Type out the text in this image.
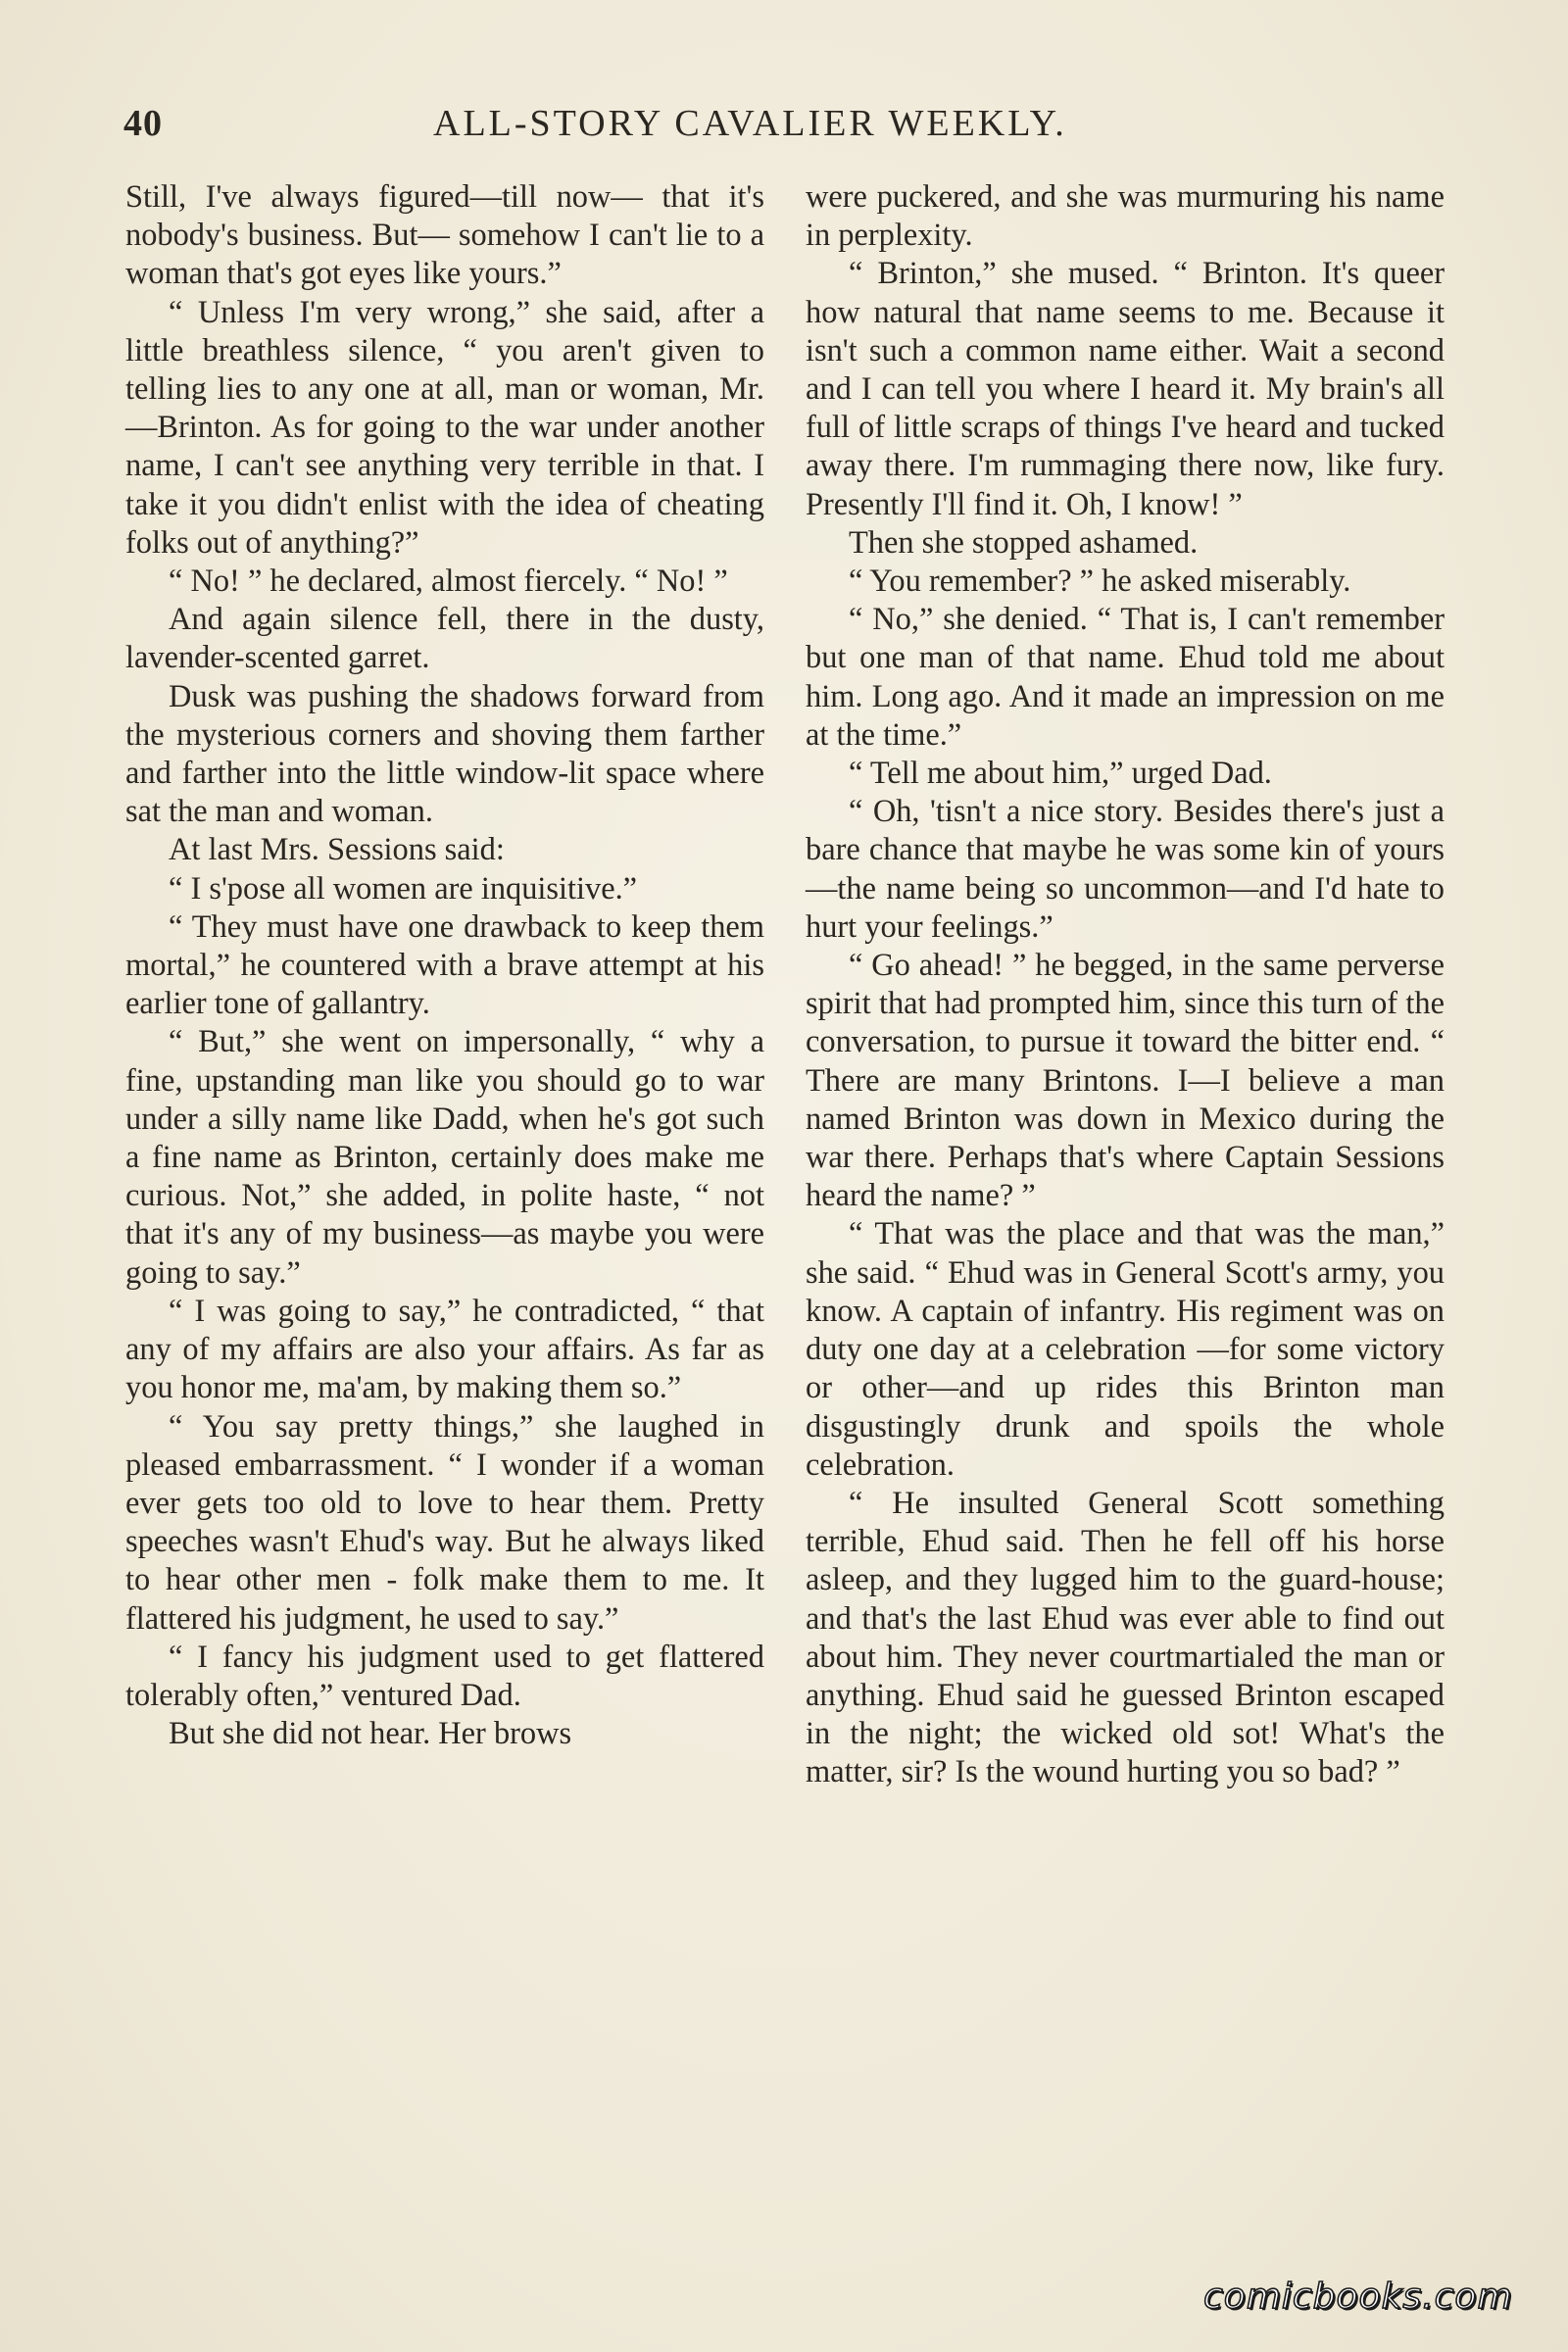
40	ALL-STORY CAVALIER WEEKLY.

Still, I've always figured—till now— that it's nobody's business. But— somehow I can't lie to a woman that's got eyes like yours.”

“ Unless I'm very wrong,” she said, after a little breathless silence, “ you aren't given to telling lies to any one at all, man or woman, Mr.—Brinton. As for going to the war under another name, I can't see anything very terrible in that. I take it you didn't enlist with the idea of cheating folks out of anything?”

“ No! ” he declared, almost fiercely. “ No! ”

And again silence fell, there in the dusty, lavender-scented garret.

Dusk was pushing the shadows forward from the mysterious corners and shoving them farther and farther into the little window-lit space where sat the man and woman.

At last Mrs. Sessions said:

“ I s'pose all women are inquisitive.”

“ They must have one drawback to keep them mortal,” he countered with a brave attempt at his earlier tone of gallantry.

“ But,” she went on impersonally, “ why a fine, upstanding man like you should go to war under a silly name like Dadd, when he's got such a fine name as Brinton, certainly does make me curious. Not,” she added, in polite haste, “ not that it's any of my business—as maybe you were going to say.”

“ I was going to say,” he contradicted, “ that any of my affairs are also your affairs. As far as you honor me, ma'am, by making them so.”

“ You say pretty things,” she laughed in pleased embarrassment. “ I wonder if a woman ever gets too old to love to hear them. Pretty speeches wasn't Ehud's way. But he always liked to hear other men - folk make them to me. It flattered his judgment, he used to say.”

“ I fancy his judgment used to get flattered tolerably often,” ventured Dad.

But she did not hear. Her brows

were puckered, and she was murmuring his name in perplexity.

“ Brinton,” she mused. “ Brinton. It's queer how natural that name seems to me. Because it isn't such a common name either. Wait a second and I can tell you where I heard it. My brain's all full of little scraps of things I've heard and tucked away there. I'm rummaging there now, like fury. Presently I'll find it. Oh, I know! ”

Then she stopped ashamed.

“ You remember? ” he asked miserably.

“ No,” she denied. “ That is, I can't remember but one man of that name. Ehud told me about him. Long ago. And it made an impression on me at the time.”

“ Tell me about him,” urged Dad.

“ Oh, 'tisn't a nice story. Besides there's just a bare chance that maybe he was some kin of yours—the name being so uncommon—and I'd hate to hurt your feelings.”

“ Go ahead! ” he begged, in the same perverse spirit that had prompted him, since this turn of the conversation, to pursue it toward the bitter end. “ There are many Brintons. I—I believe a man named Brinton was down in Mexico during the war there. Perhaps that's where Captain Sessions heard the name? ”

“ That was the place and that was the man,” she said. “ Ehud was in General Scott's army, you know. A captain of infantry. His regiment was on duty one day at a celebration —for some victory or other—and up rides this Brinton man disgustingly drunk and spoils the whole celebration.

“ He insulted General Scott something terrible, Ehud said. Then he fell off his horse asleep, and they lugged him to the guard-house; and that's the last Ehud was ever able to find out about him. They never courtmartialed the man or anything. Ehud said he guessed Brinton escaped in the night; the wicked old sot! What's the matter, sir? Is the wound hurting you so bad? ”

comicbooks.com
